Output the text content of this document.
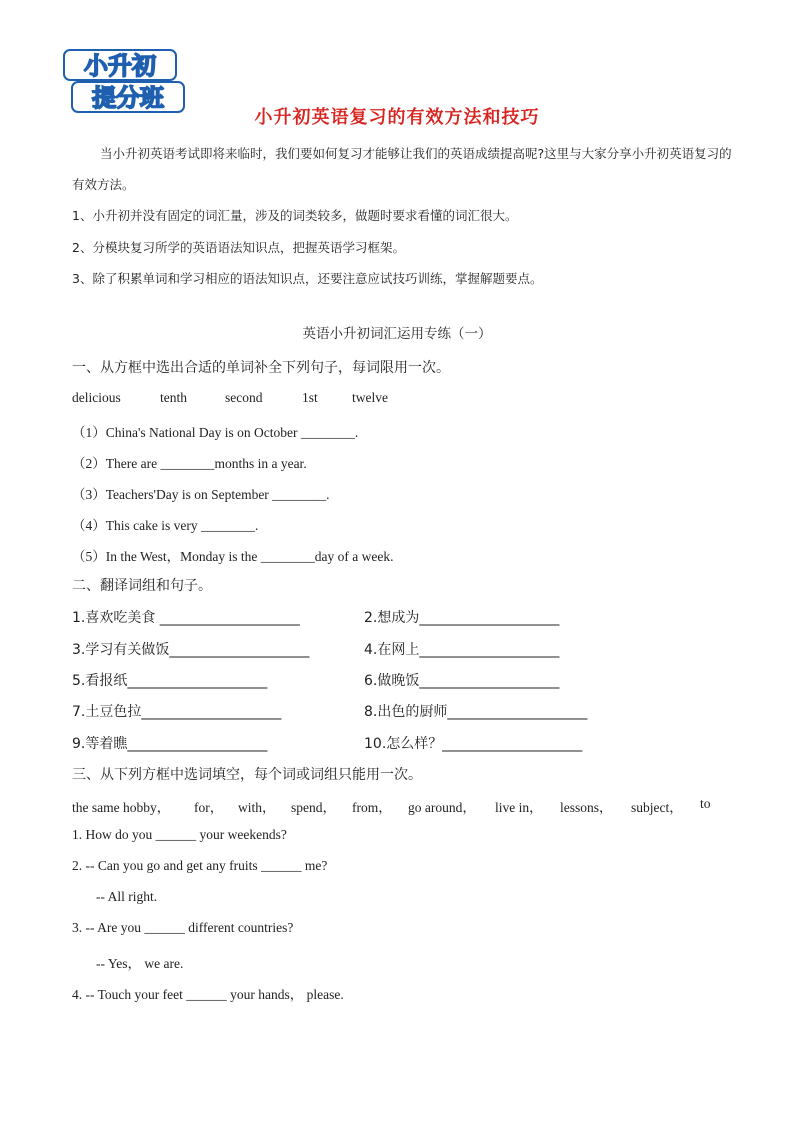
小升初
提分班
小升初英语复习的有效方法和技巧
当小升初英语考试即将来临时，我们要如何复习才能够让我们的英语成绩提高呢?这里与大家分享小升初英语复习的有效方法。
1、小升初并没有固定的词汇量，涉及的词类较多，做题时要求看懂的词汇很大。
2、分模块复习所学的英语语法知识点，把握英语学习框架。
3、除了积累单词和学习相应的语法知识点，还要注意应试技巧训练，掌握解题要点。
英语小升初词汇运用专练（一）
一、从方框中选出合适的单词补全下列句子，每词限用一次。
delicious	tenth	second	1st	twelve
（1）China's National Day is on October ________.
（2）There are ________months in a year.
（3）Teachers'Day is on September ________.
（4）This cake is very ________.
（5）In the West，Monday is the ________day of a week.
二、翻译词组和句子。
1.喜欢吃美食 ____________________	2.想成为____________________
3.学习有关做饭____________________	4.在网上____________________
5.看报纸____________________	6.做晚饭____________________
7.土豆色拉____________________	8.出色的厨师____________________
9.等着瞧____________________	10.怎么样？____________________
三、从下列方框中选词填空，每个词或词组只能用一次。
the same hobby， for， with， spend， from， go around， live in， lessons， subject， to
1. How do you ______ your weekends?
2. -- Can you go and get any fruits ______ me?
-- All right.
3. -- Are you ______ different countries?
-- Yes， we are.
4. -- Touch your feet ______ your hands， please.
